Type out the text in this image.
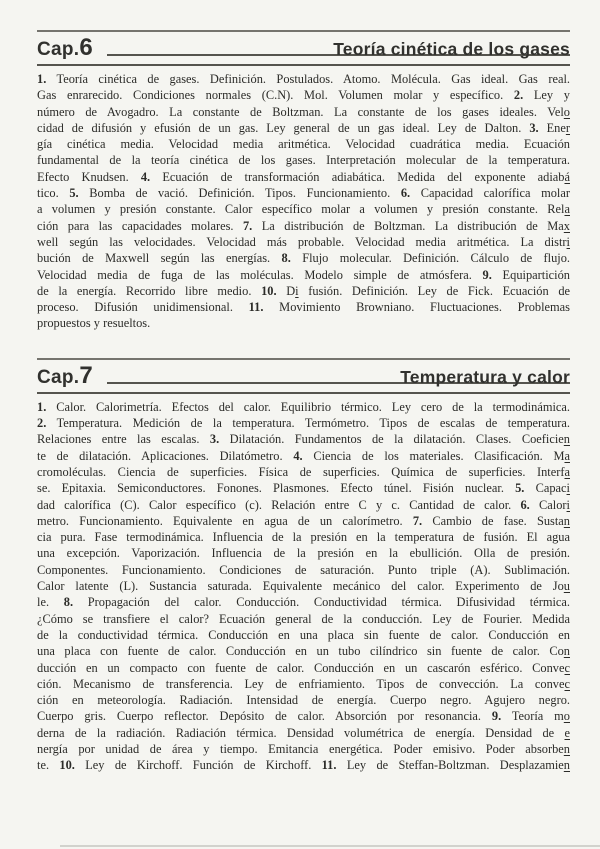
Cap.6	Teoría cinética de los gases
1. Teoría cinética de gases. Definición. Postulados. Atomo. Molécula. Gas ideal. Gas real.
Gas enrarecido. Condiciones normales (C.N). Mol. Volumen molar y específico. 2. Ley y
número de Avogadro. La constante de Boltzman. La constante de los gases ideales. Velo
cidad de difusión y efusión de un gas. Ley general de un gas ideal. Ley de Dalton. 3. Ener
gía cinética media. Velocidad media aritmética. Velocidad cuadrática media. Ecuación
fundamental de la teoría cinética de los gases. Interpretación molecular de la temperatura.
Efecto Knudsen. 4. Ecuación de transformación adiabática. Medida del exponente adiabá
tico. 5. Bomba de vació. Definición. Tipos. Funcionamiento. 6. Capacidad calorífica molar
a volumen y presión constante. Calor específico molar a volumen y presión constante. Rela
ción para las capacidades molares. 7. La distribución de Boltzman. La distribución de Max
well según las velocidades. Velocidad más probable. Velocidad media aritmética. La distri
bución de Maxwell según las energías. 8. Flujo molecular. Definición. Cálculo de flujo.
Velocidad media de fuga de las moléculas. Modelo simple de atmósfera. 9. Equipartición
de la energía. Recorrido libre medio. 10. Di fusión. Definición. Ley de Fick. Ecuación de
proceso. Difusión unidimensional. 11. Movimiento Browniano. Fluctuaciones. Problemas
propuestos y resueltos.
Cap.7	Temperatura y calor
1. Calor. Calorimetría. Efectos del calor. Equilibrio térmico. Ley cero de la termodinámica.
2. Temperatura. Medición de la temperatura. Termómetro. Tipos de escalas de temperatura.
Relaciones entre las escalas. 3. Dilatación. Fundamentos de la dilatación. Clases. Coeficien
te de dilatación. Aplicaciones. Dilatómetro. 4. Ciencia de los materiales. Clasificación. Ma
cromoléculas. Ciencia de superficies. Física de superficies. Química de superficies. Interfa
se. Epitaxia. Semiconductores. Fonones. Plasmones. Efecto túnel. Fisión nuclear. 5. Capaci
dad calorífica (C). Calor específico (c). Relación entre C y c. Cantidad de calor. 6. Calori
metro. Funcionamiento. Equivalente en agua de un calorímetro. 7. Cambio de fase. Sustan
cia pura. Fase termodinámica. Influencia de la presión en la temperatura de fusión. El agua
una excepción. Vaporización. Influencia de la presión en la ebullición. Olla de presión.
Componentes. Funcionamiento. Condiciones de saturación. Punto triple (A). Sublimación.
Calor latente (L). Sustancia saturada. Equivalente mecánico del calor. Experimento de Jou
le. 8. Propagación del calor. Conducción. Conductividad térmica. Difusividad térmica.
¿Cómo se transfiere el calor? Ecuación general de la conducción. Ley de Fourier. Medida
de la conductividad térmica. Conducción en una placa sin fuente de calor. Conducción en
una placa con fuente de calor. Conducción en un tubo cilíndrico sin fuente de calor. Con
ducción en un compacto con fuente de calor. Conducción en un cascarón esférico. Convec
ción. Mecanismo de transferencia. Ley de enfriamiento. Tipos de convección. La convec
ción en meteorología. Radiación. Intensidad de energía. Cuerpo negro. Agujero negro.
Cuerpo gris. Cuerpo reflector. Depósito de calor. Absorción por resonancia. 9. Teoría mo
derna de la radiación. Radiación térmica. Densidad volumétrica de energía. Densidad de e
nergía por unidad de área y tiempo. Emitancia energética. Poder emisivo. Poder absorben
te. 10. Ley de Kirchoff. Función de Kirchoff. 11. Ley de Steffan-Boltzman. Desplazamien
